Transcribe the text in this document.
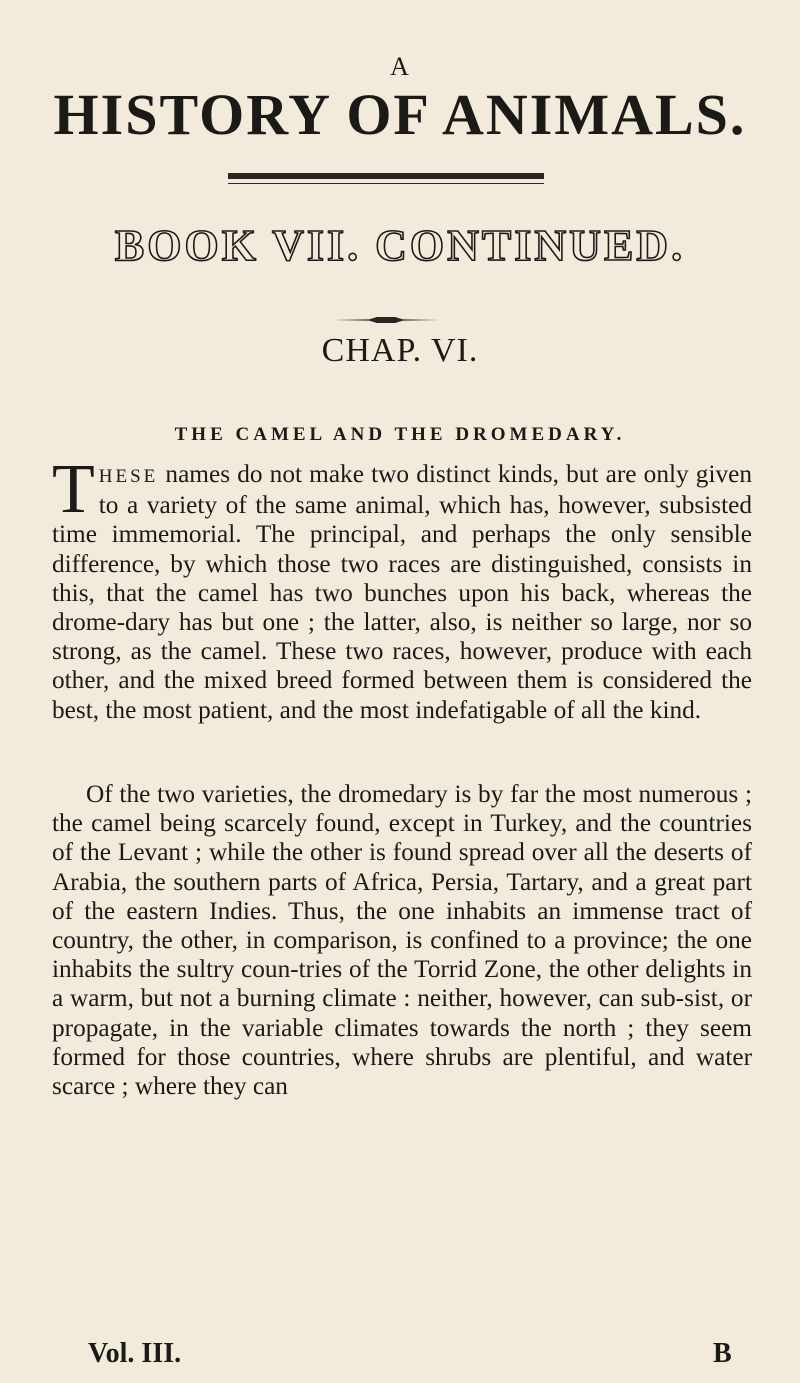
A
HISTORY OF ANIMALS.
BOOK VII. CONTINUED.
CHAP. VI.
THE CAMEL AND THE DROMEDARY.

THESE names do not make two distinct kinds, but are only given to a variety of the same animal, which has, however, subsisted time immemorial. The principal, and perhaps the only sensible difference, by which those two races are distinguished, consists in this, that the camel has two bunches upon his back, whereas the drome-dary has but one ; the latter, also, is neither so large, nor so strong, as the camel. These two races, however, produce with each other, and the mixed breed formed between them is considered the best, the most patient, and the most indefatigable of all the kind.

Of the two varieties, the dromedary is by far the most numerous ; the camel being scarcely found, except in Turkey, and the countries of the Levant ; while the other is found spread over all the deserts of Arabia, the southern parts of Africa, Persia, Tartary, and a great part of the eastern Indies. Thus, the one inhabits an immense tract of country, the other, in comparison, is confined to a province; the one inhabits the sultry coun-tries of the Torrid Zone, the other delights in a warm, but not a burning climate : neither, however, can sub-sist, or propagate, in the variable climates towards the north ; they seem formed for those countries, where shrubs are plentiful, and water scarce ; where they can

Vol. III.	B
